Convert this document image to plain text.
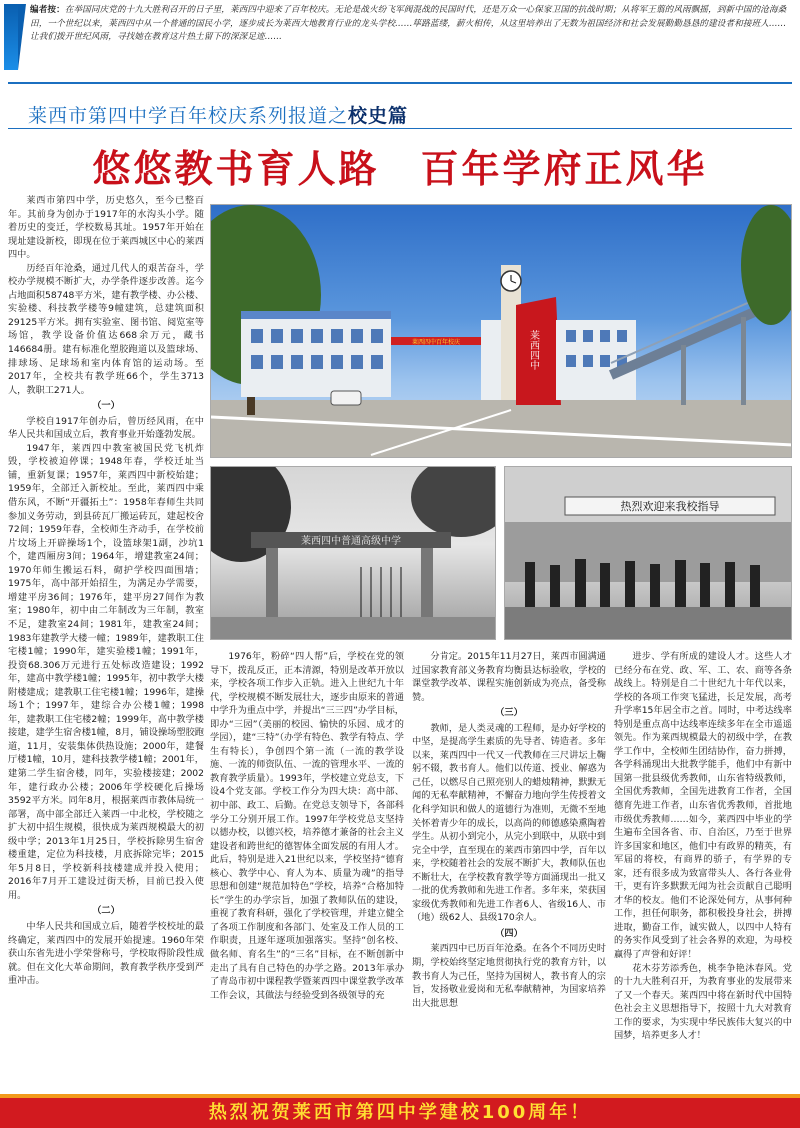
编者按：在举国同庆党的十九大胜利召开的日子里，莱西四中迎来了百年校庆。无论是战火纷飞军阀混战的民国时代，还是万众一心保家卫国的抗战时期；从将军王翦的风雨飘摇，到新中国的沧海桑田，一个世纪以来，莱西四中从一个普通的国民小学，逐步成长为莱西大地教育行业的龙头学校……筚路蓝缕，薪火相传，从这里培养出了无数为祖国经济和社会发展勤勤恳恳的建设者和接班人……让我们拨开世纪风雨，寻找她在教育这片热土留下的深深足迹……

莱西市第四中学百年校庆系列报道之校史篇
悠悠教书育人路　百年学府正风华

莱西市第四中学，历史悠久，至今已整百年。其前身为创办于1917年的水沟头小学。随着历史的变迁，学校数易其址。1957年开始在现址建设新校，即现在位于莱西城区中心的莱西四中。

历经百年沧桑，通过几代人的艰苦奋斗，学校办学规模不断扩大，办学条件逐步改善。迄今占地面积58748平方米，建有教学楼、办公楼、实验楼、科技教学楼等9幢建筑，总建筑面积29125平方米。拥有实验室、图书馆、阅览室等场馆，教学设备价值达668余万元，藏书146684册。建有标准化塑胶跑道以及篮球场、排球场、足球场和室内体育馆的运动场。至2017年，全校共有教学班66个，学生3713人，教职工271人。

（一）

学校自1917年创办后，曾历经风雨，在中华人民共和国成立后，教育事业开始蓬勃发展。

1947年，莱西四中教室被国民党飞机炸毁，学校被迫停课；1948年春，学校迁址当铺，重新复课；1957年，莱西四中新校始建；1959年，全部迁入新校址。至此，莱西四中乘借东风，不断“开疆拓土”：1958年春师生共同参加义务劳动，到县砖瓦厂搬运砖瓦，建起校舍72间；1959年春，全校师生齐动手，在学校前片坟场上开辟操场1个，设篮球架1副，沙坑1个，建西厢房3间；1964年，增建教室24间；1970年师生搬运石料，砌护学校四面围墙；1975年，高中部开始招生，为满足办学需要，增建平房36间；1976年，建平房27间作为教室；1980年，初中由二年制改为三年制，教室不足，建教室24间；1981年，建教室24间；1983年建教学大楼一幢；1989年，建教职工住宅楼1幢；1990年，建实验楼1幢；1991年，投资68.306万元进行五处标改造建设；1992年，建高中教学楼1幢；1995年，初中教学大楼附楼建成；建教职工住宅楼1幢；1996年，建操场1个；1997年，建综合办公楼1幢；1998年，建教职工住宅楼2幢；1999年，高中教学楼接建，建学生宿舍楼1幢，8月，铺设操场塑胶跑道，11月，安装集体供热设施；2000年，建餐厅楼1幢，10月，建科技教学楼1幢；2001年，建第二学生宿舍楼，同年，实验楼接建；2002年，建行政办公楼；2006年学校硬化后操场3592平方米。同年8月，根据莱西市教体局统一部署，高中部全部迁入莱西一中北校，学校随之扩大初中招生规模，很快成为莱西规模最大的初级中学；2013年1月25日，学校拆除男生宿舍楼重建，定位为科技楼，月底拆除完毕；2015年5月8日，学校新科技楼建成并投入使用；2016年7月开工建设过街天桥，目前已投入使用。

（二）

中华人民共和国成立后，随着学校校址的最终确定，莱西四中的发展开始提速。1960年荣获山东省先进小学荣誉称号，学校取得阶段性成就。但在文化大革命期间，教育教学秩序受到严重冲击。

莱西四中百年校庆	莱西四中
莱西四中普通高级中学
热烈欢迎来我校指导

1976年，粉碎“四人帮”后，学校在党的领导下，拨乱反正，正本清源，特别是改革开放以来，学校各项工作步入正轨。进入上世纪九十年代，学校规模不断发展壮大，逐步由原来的普通中学升为重点中学，并提出“三三四”办学目标，即办“三园”（美丽的校园、愉快的乐园、成才的学园），建“三特”（办学有特色、教学有特点、学生有特长），争创四个第一流（一流的教学设施、一流的师资队伍、一流的管理水平、一流的教育教学质量）。1993年，学校建立党总支，下设4个党支部。学校工作分为四大块：高中部、初中部、政工、后勤。在党总支领导下，各部科学分工分别开展工作。1997年学校党总支坚持以德办校，以德兴校，培养德才兼备的社会主义建设者和跨世纪的德智体全面发展的有用人才。此后，特别是进入21世纪以来，学校坚持“德育核心、教学中心、育人为本、质量为魂”的指导思想和创建“规范加特色”学校，培养“合格加特长”学生的办学宗旨，加强了教师队伍的建设，重视了教育科研，强化了学校管理，并建立健全了各项工作制度和各部门、处室及工作人员的工作职责，且逐年逐项加强落实。坚持“创名校、做名师、育名生”的“三名”目标，在不断创新中走出了具有自己特色的办学之路。2013年承办了青岛市初中课程教学暨莱西四中课堂教学改革工作会议，其做法与经验受到各级领导的充

分肯定。2015年11月27日，莱西市圆满通过国家教育部义务教育均衡县达标验收，学校的课堂教学改革、课程实施创新成为亮点，备受称赞。

（三）

教师，是人类灵魂的工程师，是办好学校的中坚，是提高学生素质的先导者、铸造者。多年以来，莱西四中一代又一代教师在三尺讲坛上鞠躬不辍，教书育人。他们以传道、授业、解惑为己任，以燃尽自己照亮别人的蜡烛精神，默默无闻的无私奉献精神，不懈奋力地向学生传授着文化科学知识和做人的道德行为准则，无微不至地关怀着青少年的成长，以高尚的师德感染熏陶着学生。从初小到完小，从完小到联中，从联中到完全中学，直至现在的莱西市第四中学，百年以来，学校随着社会的发展不断扩大，教师队伍也不断壮大，在学校教育教学等方面涌现出一批又一批的优秀教师和先进工作者。多年来，荣获国家级优秀教师和先进工作者6人、省级16人、市（地）级62人、县级170余人。

（四）

莱西四中已历百年沧桑。在各个不同历史时期，学校始终坚定地贯彻执行党的教育方针，以教书育人为己任，坚持为国树人，教书育人的宗旨，发扬敬业爱岗和无私奉献精神，为国家培养出大批思想

进步、学有所成的建设人才。这些人才已经分布在党、政、军、工、农、商等各条战线上。特别是自二十世纪九十年代以来，学校的各项工作突飞猛进，长足发展，高考升学率15年居全市之首。同时，中考达线率特别是重点高中达线率连续多年在全市遥遥领先。作为莱西规模最大的初级中学，在教学工作中，全校师生团结协作，奋力拼搏，各学科涌现出大批教学能手，他们中有新中国第一批县级优秀教师，山东省特级教师，全国优秀教师，全国先进教育工作者，全国德育先进工作者，山东省优秀教师，首批地市级优秀教师……如今，莱西四中毕业的学生遍布全国各省、市、自治区，乃至于世界许多国家和地区，他们中有政界的精英，有军届的将校，有商界的骄子，有学界的专家，还有很多成为致富带头人、各行各业骨干，更有许多默默无闻为社会贡献自己聪明才华的校友。他们不论深处何方，从事何种工作，担任何职务，都积极投身社会，拼搏进取，勤奋工作，诚实做人，以四中人特有的务实作风受到了社会各界的欢迎，为母校赢得了声誉和好评！

花木芬芳添秀色，桃李争艳沐春风。党的十九大胜利召开，为教育事业的发展带来了又一个春天。莱西四中将在新时代中国特色社会主义思想指导下，按照十九大对教育工作的要求，为实现中华民族伟大复兴的中国梦，培养更多人才！

热烈祝贺莱西市第四中学建校100周年！
